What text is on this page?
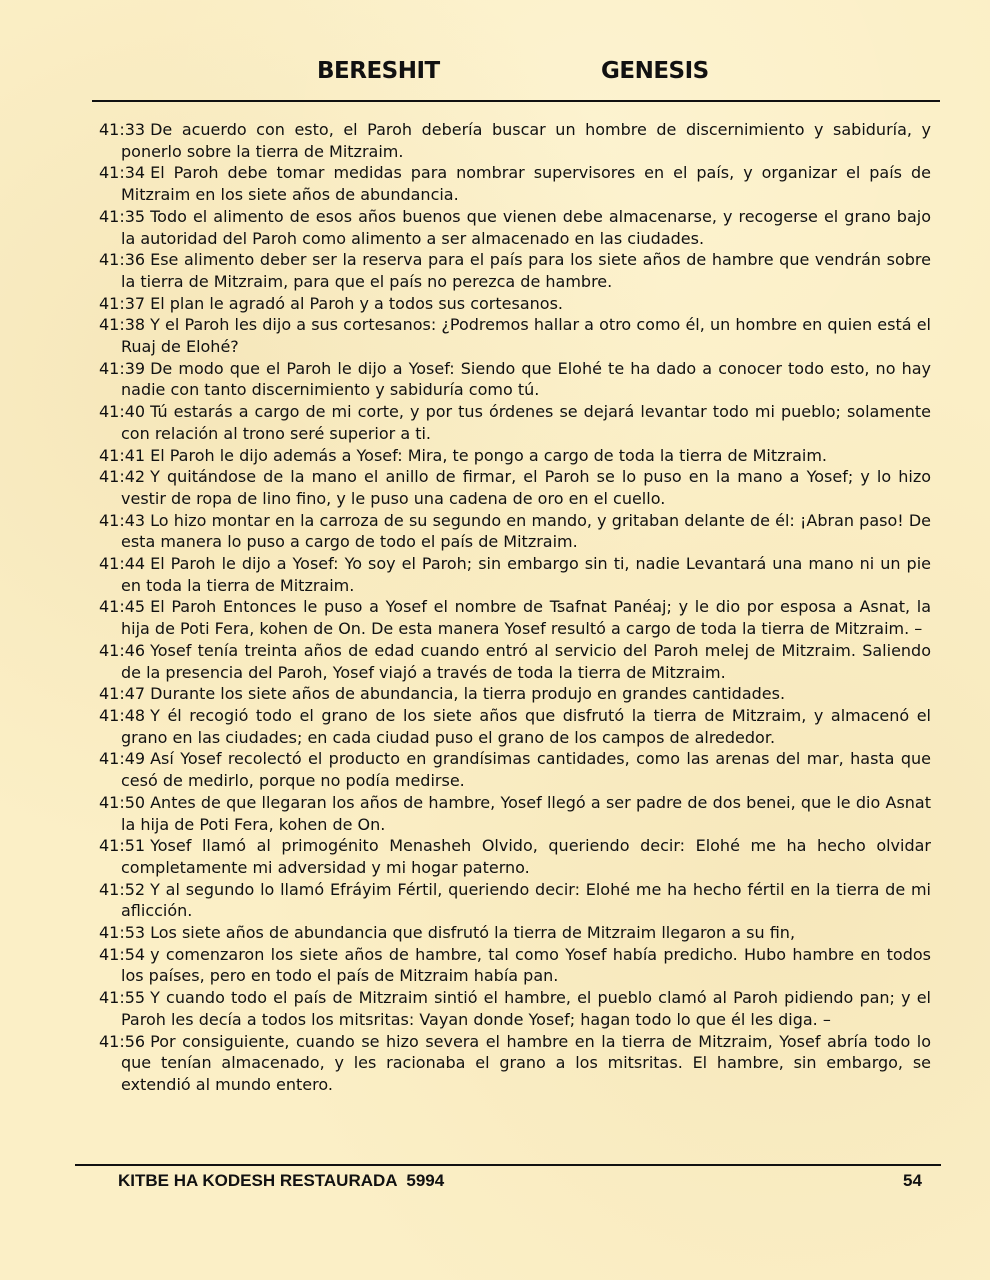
BERESHIT	GENESIS

41:33 De acuerdo con esto, el Paroh debería buscar un hombre de discernimiento y sabiduría, y ponerlo sobre la tierra de Mitzraim.

41:34 El Paroh debe tomar medidas para nombrar supervisores en el país, y organizar el país de Mitzraim en los siete años de abundancia.

41:35 Todo el alimento de esos años buenos que vienen debe almacenarse, y recogerse el grano bajo la autoridad del Paroh como alimento a ser almacenado en las ciudades.

41:36 Ese alimento deber ser la reserva para el país para los siete años de hambre que vendrán sobre la tierra de Mitzraim, para que el país no perezca de hambre.

41:37 El plan le agradó al Paroh y a todos sus cortesanos.

41:38 Y el Paroh les dijo a sus cortesanos: ¿Podremos hallar a otro como él, un hombre en quien está el Ruaj de Elohé?

41:39 De modo que el Paroh le dijo a Yosef: Siendo que Elohé te ha dado a conocer todo esto, no hay nadie con tanto discernimiento y sabiduría como tú.

41:40 Tú estarás a cargo de mi corte, y por tus órdenes se dejará levantar todo mi pueblo; solamente con relación al trono seré superior a ti.

41:41 El Paroh le dijo además a Yosef: Mira, te pongo a cargo de toda la tierra de Mitzraim.

41:42 Y quitándose de la mano el anillo de firmar, el Paroh se lo puso en la mano a Yosef; y lo hizo vestir de ropa de lino fino, y le puso una cadena de oro en el cuello.

41:43 Lo hizo montar en la carroza de su segundo en mando, y gritaban delante de él: ¡Abran paso! De esta manera lo puso a cargo de todo el país de Mitzraim.

41:44 El Paroh le dijo a Yosef: Yo soy el Paroh; sin embargo sin ti, nadie Levantará una mano ni un pie en toda la tierra de Mitzraim.

41:45 El Paroh Entonces le puso a Yosef el nombre de Tsafnat Panéaj; y le dio por esposa a Asnat, la hija de Poti Fera, kohen de On. De esta manera Yosef resultó a cargo de toda la tierra de Mitzraim. –

41:46 Yosef tenía treinta años de edad cuando entró al servicio del Paroh melej de Mitzraim. Saliendo de la presencia del Paroh, Yosef viajó a través de toda la tierra de Mitzraim.

41:47 Durante los siete años de abundancia, la tierra produjo en grandes cantidades.

41:48 Y él recogió todo el grano de los siete años que disfrutó la tierra de Mitzraim, y almacenó el grano en las ciudades; en cada ciudad puso el grano de los campos de alrededor.

41:49 Así Yosef recolectó el producto en grandísimas cantidades, como las arenas del mar, hasta que cesó de medirlo, porque no podía medirse.

41:50 Antes de que llegaran los años de hambre, Yosef llegó a ser padre de dos benei, que le dio Asnat la hija de Poti Fera, kohen de On.

41:51 Yosef llamó al primogénito Menasheh Olvido, queriendo decir: Elohé me ha hecho olvidar completamente mi adversidad y mi hogar paterno.

41:52 Y al segundo lo llamó Efráyim Fértil, queriendo decir: Elohé me ha hecho fértil en la tierra de mi aflicción.

41:53 Los siete años de abundancia que disfrutó la tierra de Mitzraim llegaron a su fin,

41:54 y comenzaron los siete años de hambre, tal como Yosef había predicho. Hubo hambre en todos los países, pero en todo el país de Mitzraim había pan.

41:55 Y cuando todo el país de Mitzraim sintió el hambre, el pueblo clamó al Paroh pidiendo pan; y el Paroh les decía a todos los mitsritas: Vayan donde Yosef; hagan todo lo que él les diga. –

41:56 Por consiguiente, cuando se hizo severa el hambre en la tierra de Mitzraim, Yosef abría todo lo que tenían almacenado, y les racionaba el grano a los mitsritas. El hambre, sin embargo, se extendió al mundo entero.

KITBE HA KODESH RESTAURADA  5994	54
